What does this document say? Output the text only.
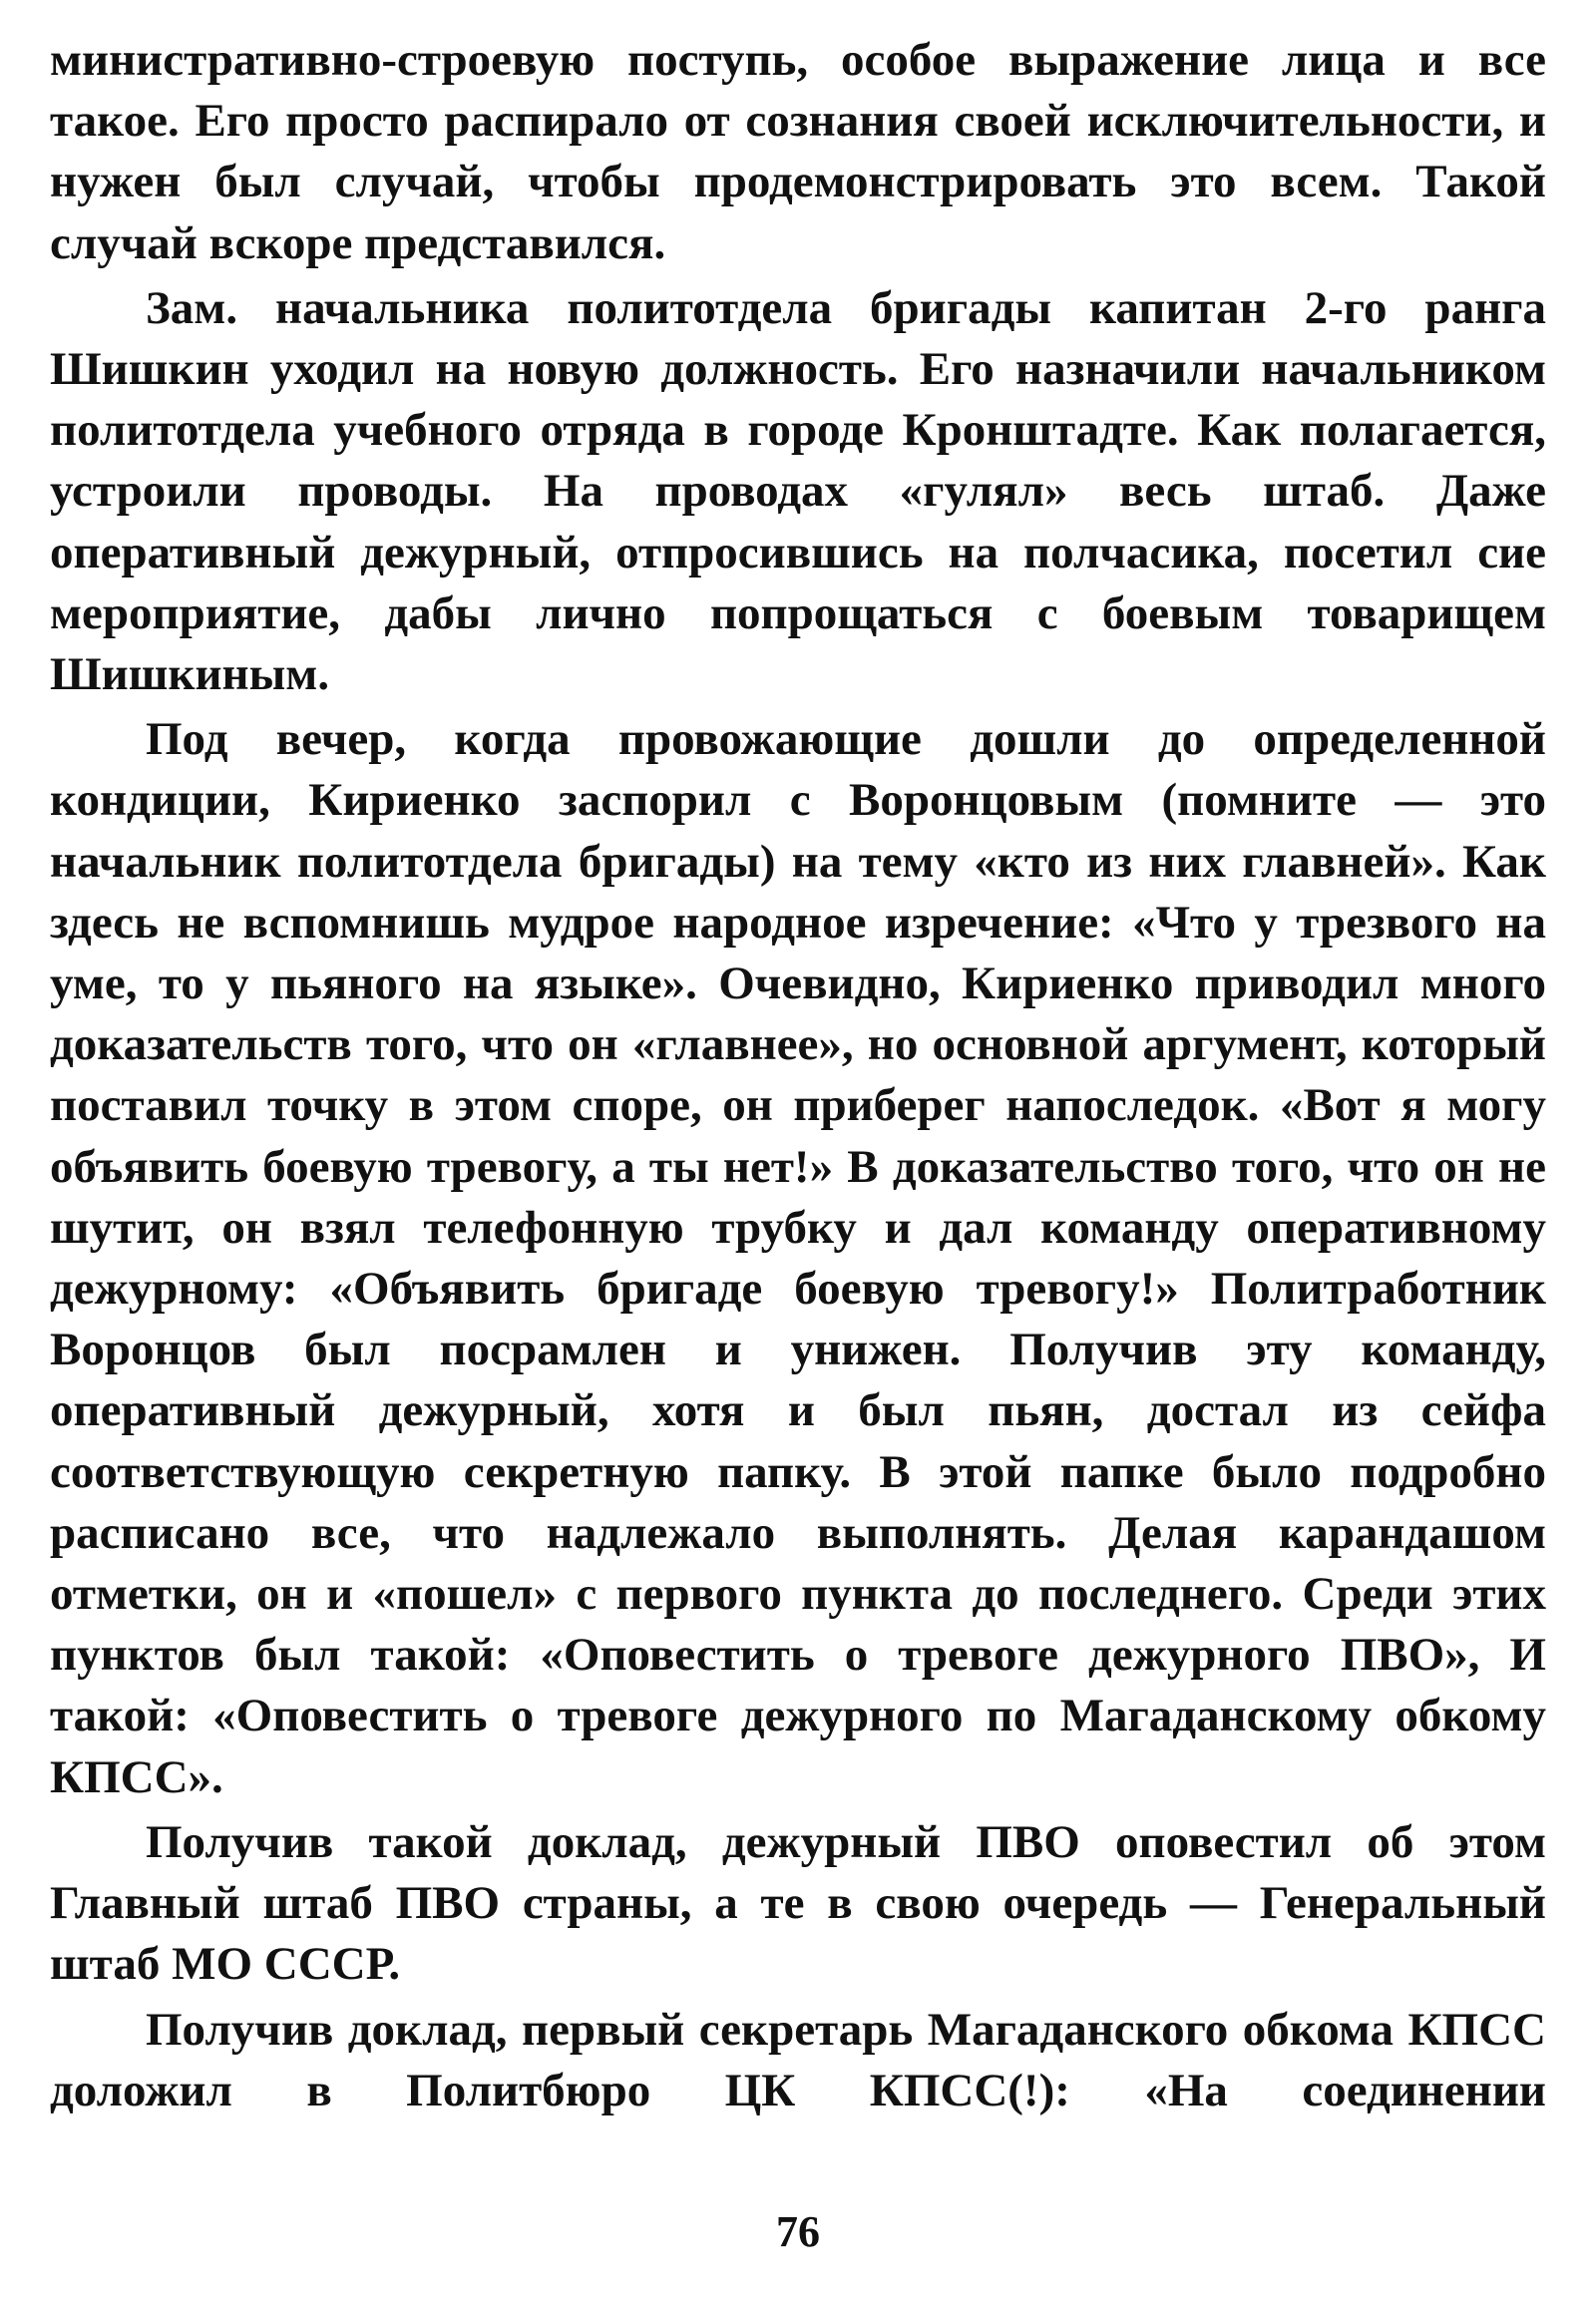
министративно-строевую поступь, особое выражение лица и все такое. Его просто распирало от сознания своей исключительности, и нужен был случай, чтобы продемонстрировать это всем. Такой случай вскоре представился.

Зам. начальника политотдела бригады капитан 2-го ранга Шишкин уходил на новую должность. Его назначили начальником политотдела учебного отряда в городе Кронштадте. Как полагается, устроили проводы. На проводах «гулял» весь штаб. Даже оперативный дежурный, отпросившись на полчасика, посетил сие мероприятие, дабы лично попрощаться с боевым товарищем Шишкиным.

Под вечер, когда провожающие дошли до определенной кондиции, Кириенко заспорил с Воронцовым (помните — это начальник политотдела бригады) на тему «кто из них главней». Как здесь не вспомнишь мудрое народное изречение: «Что у трезвого на уме, то у пьяного на языке». Очевидно, Кириенко приводил много доказательств того, что он «главнее», но основной аргумент, который поставил точку в этом споре, он приберег напоследок. «Вот я могу объявить боевую тревогу, а ты нет!» В доказательство того, что он не шутит, он взял телефонную трубку и дал команду оперативному дежурному: «Объявить бригаде боевую тревогу!» Политработник Воронцов был посрамлен и унижен. Получив эту команду, оперативный дежурный, хотя и был пьян, достал из сейфа соответствующую секретную папку. В этой папке было подробно расписано все, что надлежало выполнять. Делая карандашом отметки, он и «пошел» с первого пункта до последнего. Среди этих пунктов был такой: «Оповестить о тревоге дежурного ПВО», И такой: «Оповестить о тревоге дежурного по Магаданскому обкому КПСС».

Получив такой доклад, дежурный ПВО оповестил об этом Главный штаб ПВО страны, а те в свою очередь — Генеральный штаб МО СССР.

Получив доклад, первый секретарь Магаданского обкома КПСС доложил в Политбюро ЦК КПСС(!): «На соединении

76
